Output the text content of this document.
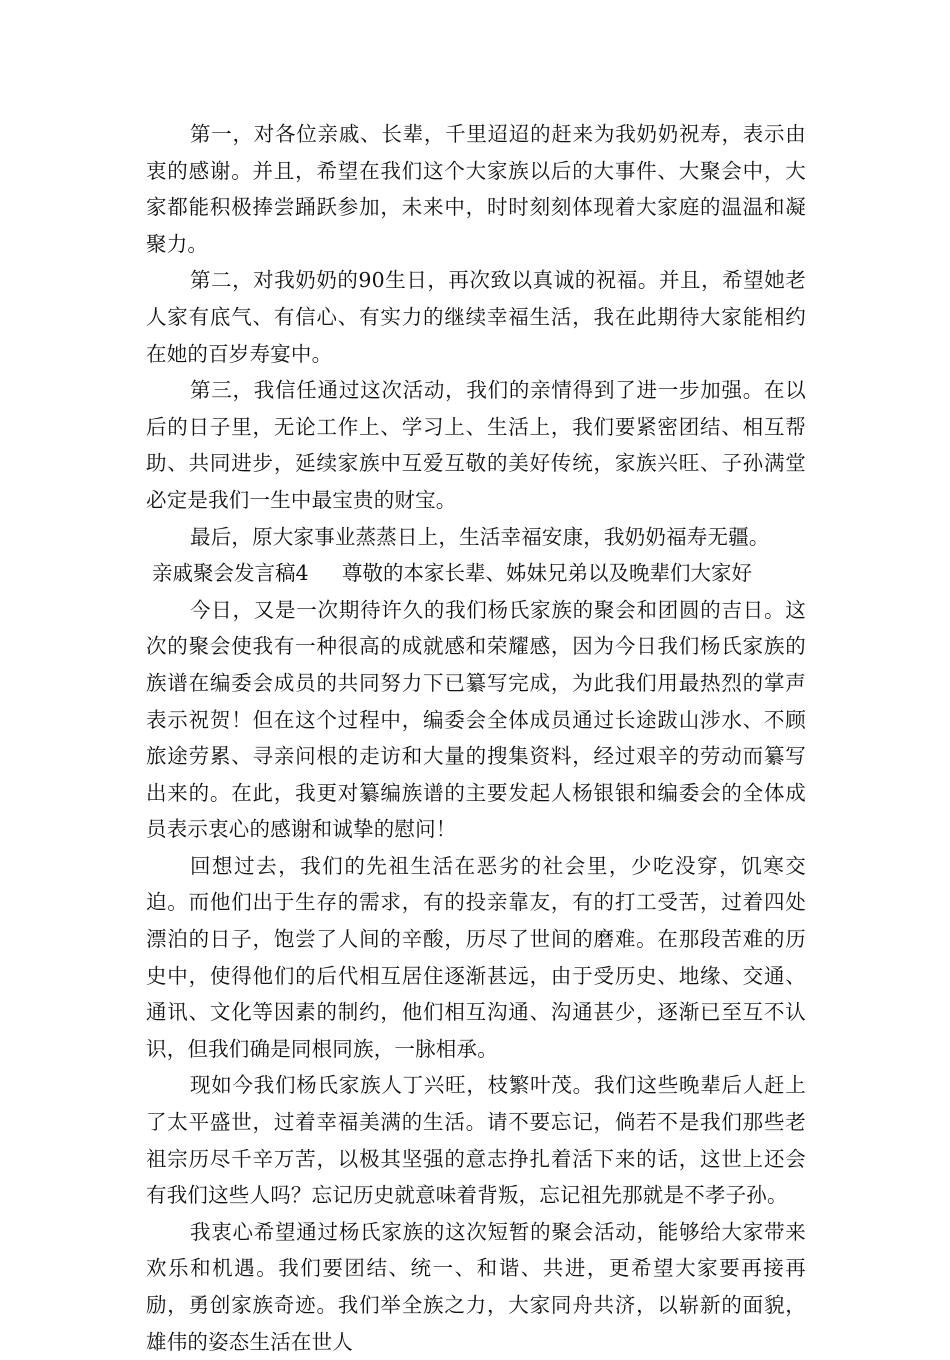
第一，对各位亲戚、长辈，千里迢迢的赶来为我奶奶祝寿，表示由衷的感谢。并且，希望在我们这个大家族以后的大事件、大聚会中，大家都能积极捧尝踊跃参加，未来中，时时刻刻体现着大家庭的温温和凝聚力。

第二，对我奶奶的90生日，再次致以真诚的祝福。并且，希望她老人家有底气、有信心、有实力的继续幸福生活，我在此期待大家能相约在她的百岁寿宴中。

第三，我信任通过这次活动，我们的亲情得到了进一步加强。在以后的日子里，无论工作上、学习上、生活上，我们要紧密团结、相互帮助、共同进步，延续家族中互爱互敬的美好传统，家族兴旺、子孙满堂必定是我们一生中最宝贵的财宝。

最后，原大家事业蒸蒸日上，生活幸福安康，我奶奶福寿无疆。

亲戚聚会发言稿4 尊敬的本家长辈、姊妹兄弟以及晚辈们大家好

今日，又是一次期待许久的我们杨氏家族的聚会和团圆的吉日。这次的聚会使我有一种很高的成就感和荣耀感，因为今日我们杨氏家族的族谱在编委会成员的共同努力下已纂写完成，为此我们用最热烈的掌声表示祝贺！但在这个过程中，编委会全体成员通过长途跋山涉水、不顾旅途劳累、寻亲问根的走访和大量的搜集资料，经过艰辛的劳动而纂写出来的。在此，我更对纂编族谱的主要发起人杨银银和编委会的全体成员表示衷心的感谢和诚挚的慰问！

回想过去，我们的先祖生活在恶劣的社会里，少吃没穿，饥寒交迫。而他们出于生存的需求，有的投亲靠友，有的打工受苦，过着四处漂泊的日子，饱尝了人间的辛酸，历尽了世间的磨难。在那段苦难的历史中，使得他们的后代相互居住逐渐甚远，由于受历史、地缘、交通、通讯、文化等因素的制约，他们相互沟通、沟通甚少，逐渐已至互不认识，但我们确是同根同族，一脉相承。

现如今我们杨氏家族人丁兴旺，枝繁叶茂。我们这些晚辈后人赶上了太平盛世，过着幸福美满的生活。请不要忘记，倘若不是我们那些老祖宗历尽千辛万苦，以极其坚强的意志挣扎着活下来的话，这世上还会有我们这些人吗？忘记历史就意味着背叛，忘记祖先那就是不孝子孙。

我衷心希望通过杨氏家族的这次短暂的聚会活动，能够给大家带来欢乐和机遇。我们要团结、统一、和谐、共进，更希望大家要再接再励，勇创家族奇迹。我们举全族之力，大家同舟共济，以崭新的面貌，雄伟的姿态生活在世人
